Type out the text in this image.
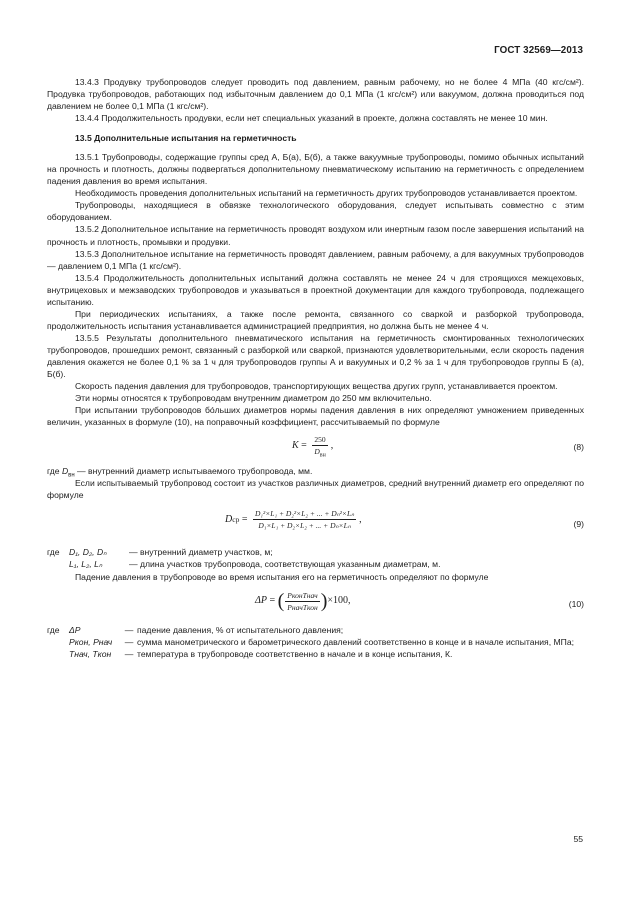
ГОСТ 32569—2013

13.4.3 Продувку трубопроводов следует проводить под давлением, равным рабочему, но не более 4 МПа (40 кгс/см²). Продувка трубопроводов, работающих под избыточным давлением до 0,1 МПа (1 кгс/см²) или вакуумом, должна проводиться под давлением не более 0,1 МПа (1 кгс/см²).

13.4.4 Продолжительность продувки, если нет специальных указаний в проекте, должна составлять не менее 10 мин.

13.5 Дополнительные испытания на герметичность

13.5.1 Трубопроводы, содержащие группы сред А, Б(а), Б(б), а также вакуумные трубопроводы, помимо обычных испытаний на прочность и плотность, должны подвергаться дополнительному пневматическому испытанию на герметичность с определением падения давления во время испытания.

Необходимость проведения дополнительных испытаний на герметичность других трубопроводов устанавливается проектом.

Трубопроводы, находящиеся в обвязке технологического оборудования, следует испытывать совместно с этим оборудованием.

13.5.2 Дополнительное испытание на герметичность проводят воздухом или инертным газом после завершения испытаний на прочность и плотность, промывки и продувки.

13.5.3 Дополнительное испытание на герметичность проводят давлением, равным рабочему, а для вакуумных трубопроводов — давлением 0,1 МПа (1 кгс/см²).

13.5.4 Продолжительность дополнительных испытаний должна составлять не менее 24 ч для строящихся межцеховых, внутрицеховых и межзаводских трубопроводов и указываться в проектной документации для каждого трубопровода, подлежащего испытанию.

При периодических испытаниях, а также после ремонта, связанного со сваркой и разборкой трубопровода, продолжительность испытания устанавливается администрацией предприятия, но должна быть не менее 4 ч.

13.5.5 Результаты дополнительного пневматического испытания на герметичность смонтированных технологических трубопроводов, прошедших ремонт, связанный с разборкой или сваркой, признаются удовлетворительными, если скорость падения давления окажется не более 0,1 % за 1 ч для трубопроводов группы А и вакуумных и 0,2 % за 1 ч для трубопроводов группы Б (а), Б(б).

Скорость падения давления для трубопроводов, транспортирующих вещества других групп, устанавливается проектом.

Эти нормы относятся к трубопроводам внутренним диаметром до 250 мм включительно.

При испытании трубопроводов бóльших диаметров нормы падения давления в них определяют умножением приведенных величин, указанных в формуле (10), на поправочный коэффициент, рассчитываемый по формуле

$K = \frac{250}{D_{вн}}$ ,	(8)

где $D_{вн}$ — внутренний диаметр испытываемого трубопровода, мм.

Если испытываемый трубопровод состоит из участков различных диаметров, средний внутренний диаметр его определяют по формуле

D ср = $\frac{\text{D₁²×L₁ + D₂²×L₂ + ... + Dₙ²×Lₙ}}{\text{D₁×L₁ + D₂×L₂ + ... + Dₙ×Lₙ}}$ ,	(9)
где	D₁, D₂, Dₙ	— внутренний диаметр участков, м;
L₁, L₂, Lₙ	— длина участков трубопровода, соответствующая указанным диаметрам, м.

Падение давления в трубопроводе во время испытания его на герметичность определяют по формуле

ΔP = ( $\frac{\text{PконTнач}}{\text{PначTкон}}$ ) ×100,	(10)
где	ΔP	— падение давления, % от испытательного давления;
Pкон, Pнач	— сумма манометрического и барометрического давлений соответственно в конце и в начале испытания, МПа;
Tнач, Tкон	— температура в трубопроводе соответственно в начале и в конце испытания, К.
55
